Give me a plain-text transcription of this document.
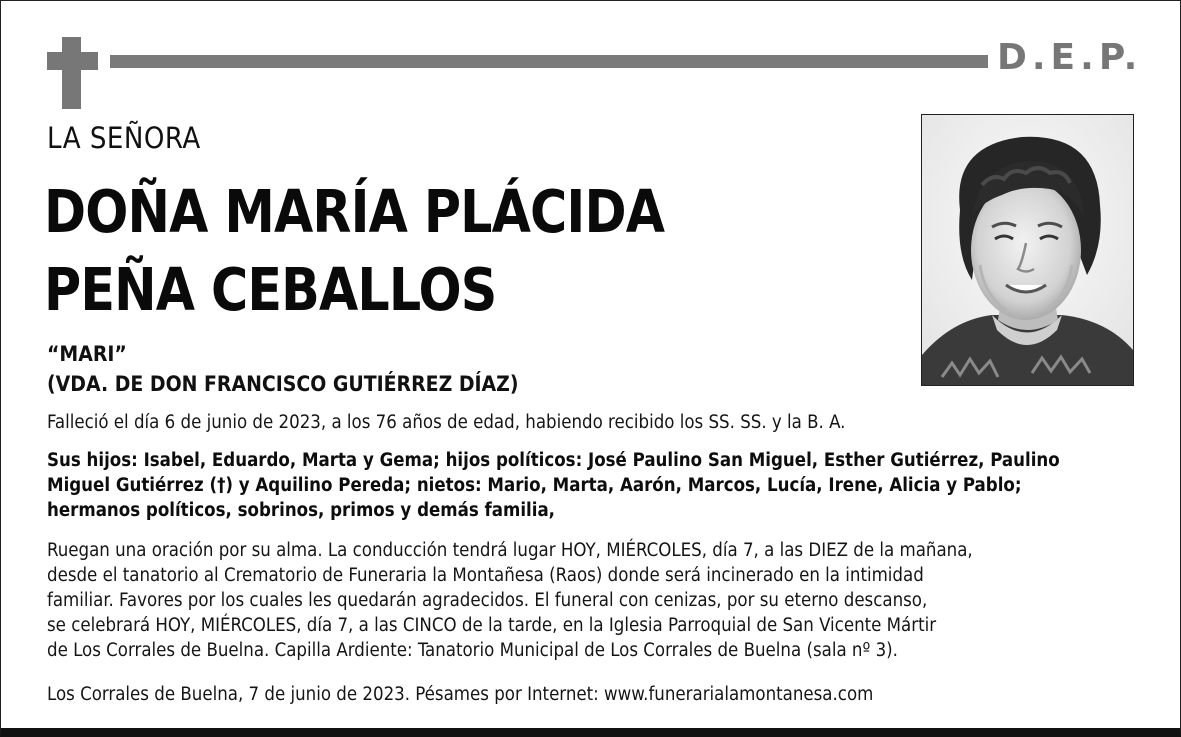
D.E.P.
LA SEÑORA
DOÑA MARÍA PLÁCIDA
PEÑA CEBALLOS
“MARI”
(VDA. DE DON FRANCISCO GUTIÉRREZ DÍAZ)
Falleció el día 6 de junio de 2023, a los 76 años de edad, habiendo recibido los SS. SS. y la B. A.
Sus hijos: Isabel, Eduardo, Marta y Gema; hijos políticos: José Paulino San Miguel, Esther Gutiérrez, Paulino
Miguel Gutiérrez (†) y Aquilino Pereda; nietos: Mario, Marta, Aarón, Marcos, Lucía, Irene, Alicia y Pablo;
hermanos políticos, sobrinos, primos y demás familia,
Ruegan una oración por su alma. La conducción tendrá lugar HOY, MIÉRCOLES, día 7, a las DIEZ de la mañana,
desde el tanatorio al Crematorio de Funeraria la Montañesa (Raos) donde será incinerado en la intimidad
familiar. Favores por los cuales les quedarán agradecidos. El funeral con cenizas, por su eterno descanso,
se celebrará HOY, MIÉRCOLES, día 7, a las CINCO de la tarde, en la Iglesia Parroquial de San Vicente Mártir
de Los Corrales de Buelna. Capilla Ardiente: Tanatorio Municipal de Los Corrales de Buelna (sala nº 3).
Los Corrales de Buelna, 7 de junio de 2023. Pésames por Internet: www.funerarialamontanesa.com
